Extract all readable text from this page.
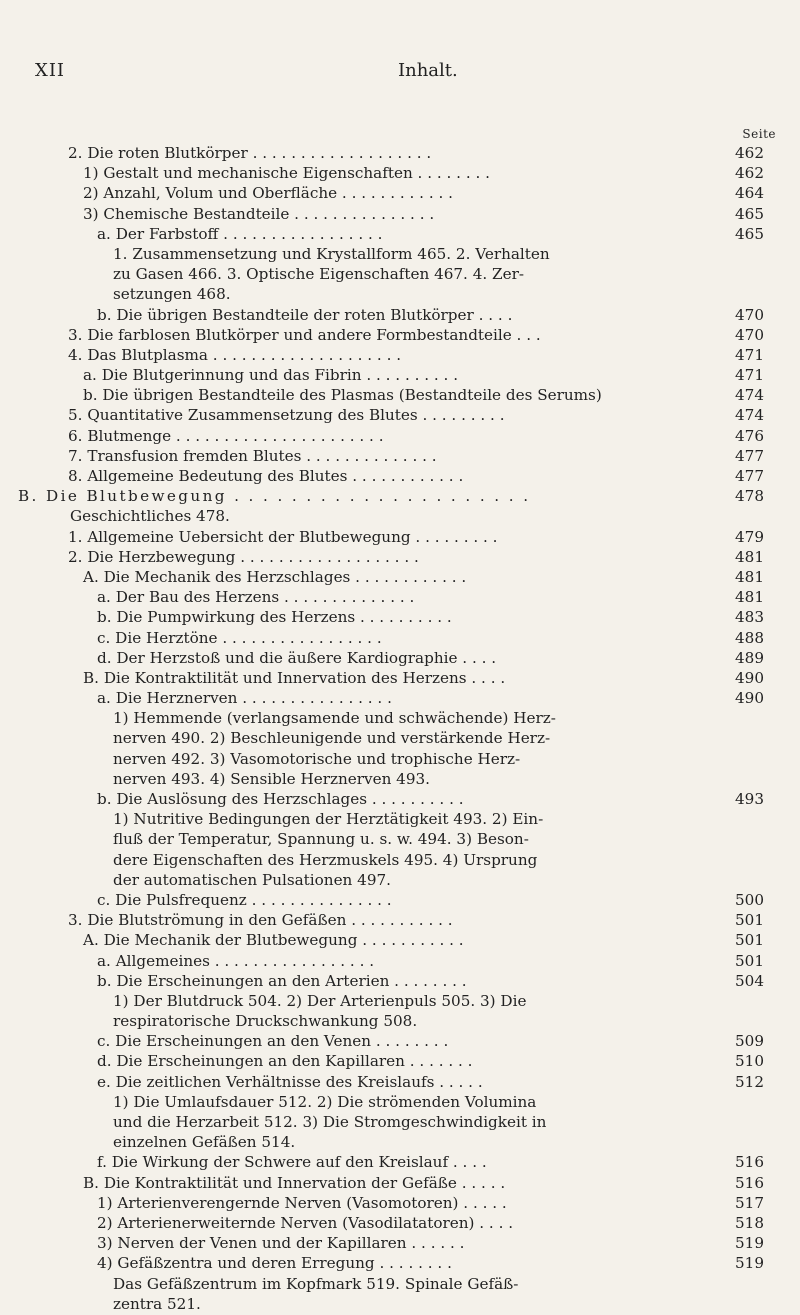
XII	Inhalt.
Seite
2. Die roten Blutkörper . . . . . . . . . . . . . . . . . . .	462
1) Gestalt und mechanische Eigenschaften . . . . . . . .	462
2) Anzahl, Volum und Oberfläche . . . . . . . . . . . .	464
3) Chemische Bestandteile . . . . . . . . . . . . . . .	465
a. Der Farbstoff . . . . . . . . . . . . . . . . .	465
1. Zusammensetzung und Krystallform 465. 2. Verhalten
zu Gasen 466. 3. Optische Eigenschaften 467. 4. Zer-
setzungen 468.
b. Die übrigen Bestandteile der roten Blutkörper . . . .	470
3. Die farblosen Blutkörper und andere Formbestandteile . . .	470
4. Das Blutplasma . . . . . . . . . . . . . . . . . . . .	471
a. Die Blutgerinnung und das Fibrin . . . . . . . . . .	471
b. Die übrigen Bestandteile des Plasmas (Bestandteile des Serums)	474
5. Quantitative Zusammensetzung des Blutes . . . . . . . . .	474
6. Blutmenge . . . . . . . . . . . . . . . . . . . . . .	476
7. Transfusion fremden Blutes . . . . . . . . . . . . . .	477
8. Allgemeine Bedeutung des Blutes . . . . . . . . . . . .	477
B. Die Blutbewegung . . . . . . . . . . . . . . . . . . . . .	478
Geschichtliches 478.
1. Allgemeine Uebersicht der Blutbewegung . . . . . . . . .	479
2. Die Herzbewegung . . . . . . . . . . . . . . . . . . .	481
A. Die Mechanik des Herzschlages . . . . . . . . . . . .	481
a. Der Bau des Herzens . . . . . . . . . . . . . .	481
b. Die Pumpwirkung des Herzens . . . . . . . . . .	483
c. Die Herztöne . . . . . . . . . . . . . . . . .	488
d. Der Herzstoß und die äußere Kardiographie . . . .	489
B. Die Kontraktilität und Innervation des Herzens . . . .	490
a. Die Herznerven . . . . . . . . . . . . . . . .	490
1) Hemmende (verlangsamende und schwächende) Herz-
nerven 490. 2) Beschleunigende und verstärkende Herz-
nerven 492. 3) Vasomotorische und trophische Herz-
nerven 493. 4) Sensible Herznerven 493.
b. Die Auslösung des Herzschlages . . . . . . . . . .	493
1) Nutritive Bedingungen der Herztätigkeit 493. 2) Ein-
fluß der Temperatur, Spannung u. s. w. 494. 3) Beson-
dere Eigenschaften des Herzmuskels 495. 4) Ursprung
der automatischen Pulsationen 497.
c. Die Pulsfrequenz . . . . . . . . . . . . . . .	500
3. Die Blutströmung in den Gefäßen . . . . . . . . . . .	501
A. Die Mechanik der Blutbewegung . . . . . . . . . . .	501
a. Allgemeines . . . . . . . . . . . . . . . . .	501
b. Die Erscheinungen an den Arterien . . . . . . . .	504
1) Der Blutdruck 504. 2) Der Arterienpuls 505. 3) Die
respiratorische Druckschwankung 508.
c. Die Erscheinungen an den Venen . . . . . . . .	509
d. Die Erscheinungen an den Kapillaren . . . . . . .	510
e. Die zeitlichen Verhältnisse des Kreislaufs . . . . .	512
1) Die Umlaufsdauer 512. 2) Die strömenden Volumina
und die Herzarbeit 512. 3) Die Stromgeschwindigkeit in
einzelnen Gefäßen 514.
f. Die Wirkung der Schwere auf den Kreislauf . . . .	516
B. Die Kontraktilität und Innervation der Gefäße . . . . .	516
1) Arterienverengernde Nerven (Vasomotoren) . . . . .	517
2) Arterienerweiternde Nerven (Vasodilatatoren) . . . .	518
3) Nerven der Venen und der Kapillaren . . . . . .	519
4) Gefäßzentra und deren Erregung . . . . . . . .	519
Das Gefäßzentrum im Kopfmark 519. Spinale Gefäß-
zentra 521.
